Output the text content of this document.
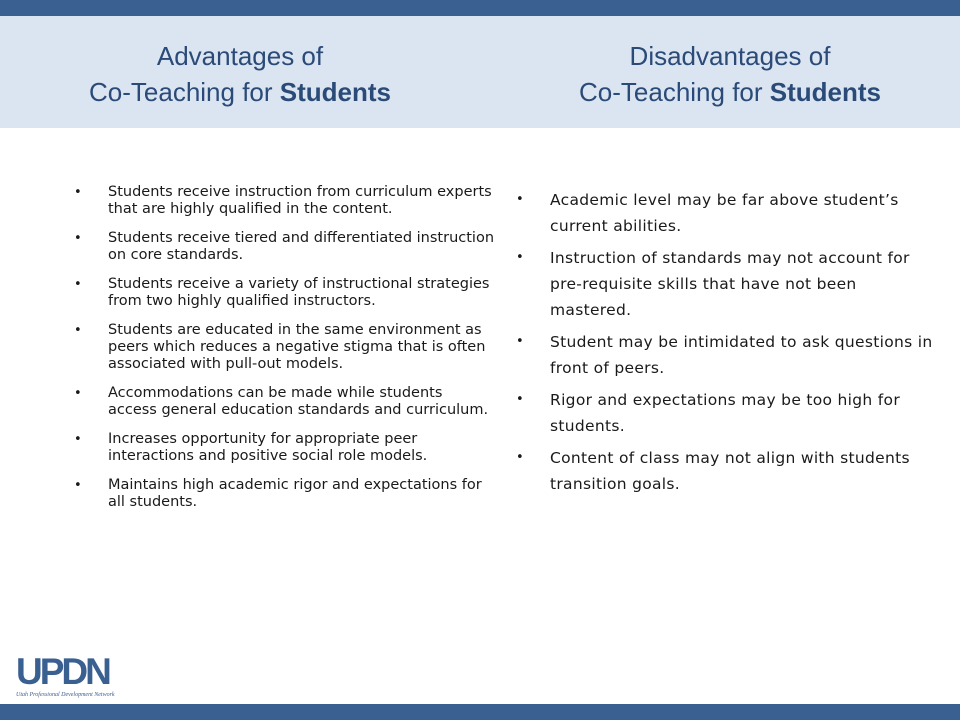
Advantages of
Co-Teaching for Students
Disadvantages of
Co-Teaching for Students
• Students receive instruction from curriculum experts that are highly qualified in the content.
• Students receive tiered and differentiated instruction on core standards.
• Students receive a variety of instructional strategies from two highly qualified instructors.
• Students are educated in the same environment as peers which reduces a negative stigma that is often associated with pull-out models.
• Accommodations can be made while students access general education standards and curriculum.
• Increases opportunity for appropriate peer interactions and positive social role models.
• Maintains high academic rigor and expectations for all students.
• Academic level may be far above student’s current abilities.
• Instruction of standards may not account for pre-requisite skills that have not been mastered.
• Student may be intimidated to ask questions in front of peers.
• Rigor and expectations may be too high for students.
• Content of class may not align with students transition goals.
UPDN
Utah Professional Development Network
